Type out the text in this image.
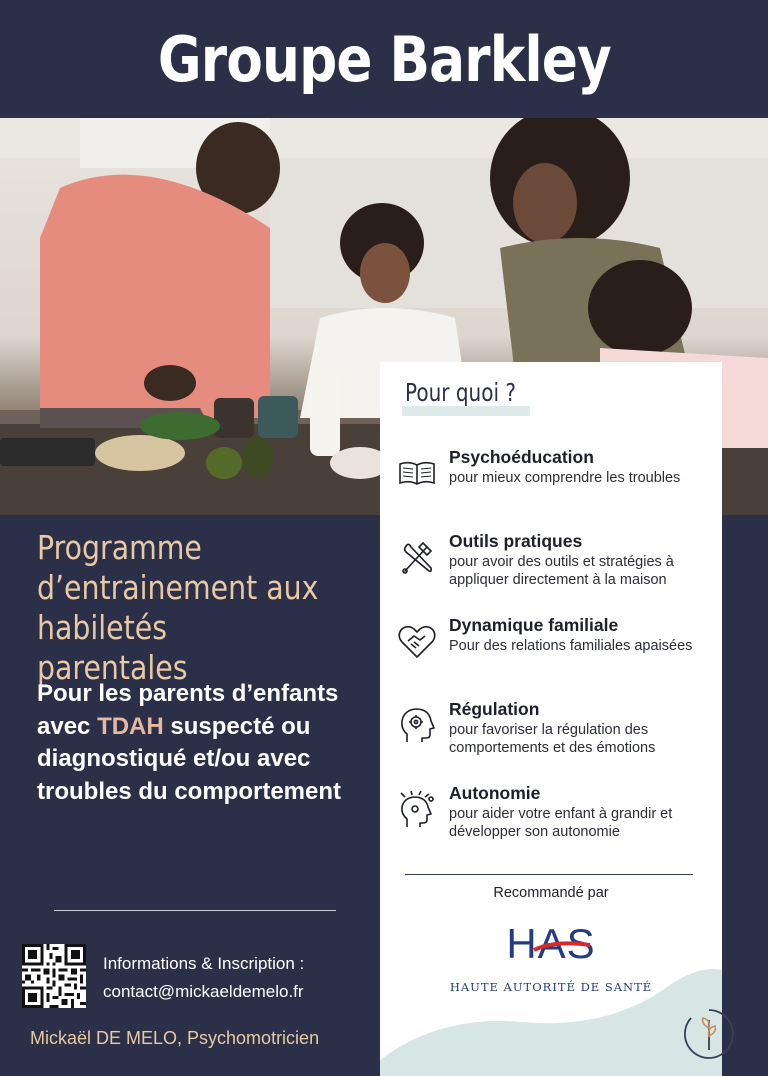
Groupe Barkley
Programme d’entrainement aux habiletés parentales
Pour les parents d’enfants avec TDAH suspecté ou diagnostiqué et/ou avec troubles du comportement
Informations & Inscription :
contact@mickaeldemelo.fr
Mickaël DE MELO, Psychomotricien
Pour quoi ?
Psychoéducation
pour mieux comprendre les troubles
Outils pratiques
pour avoir des outils et stratégies à appliquer directement à la maison
Dynamique familiale
Pour des relations familiales apaisées
Régulation
pour favoriser la régulation des comportements et des émotions
Autonomie
pour aider votre enfant à grandir et développer son autonomie
Recommandé par
HAS
HAUTE AUTORITÉ DE SANTÉ
